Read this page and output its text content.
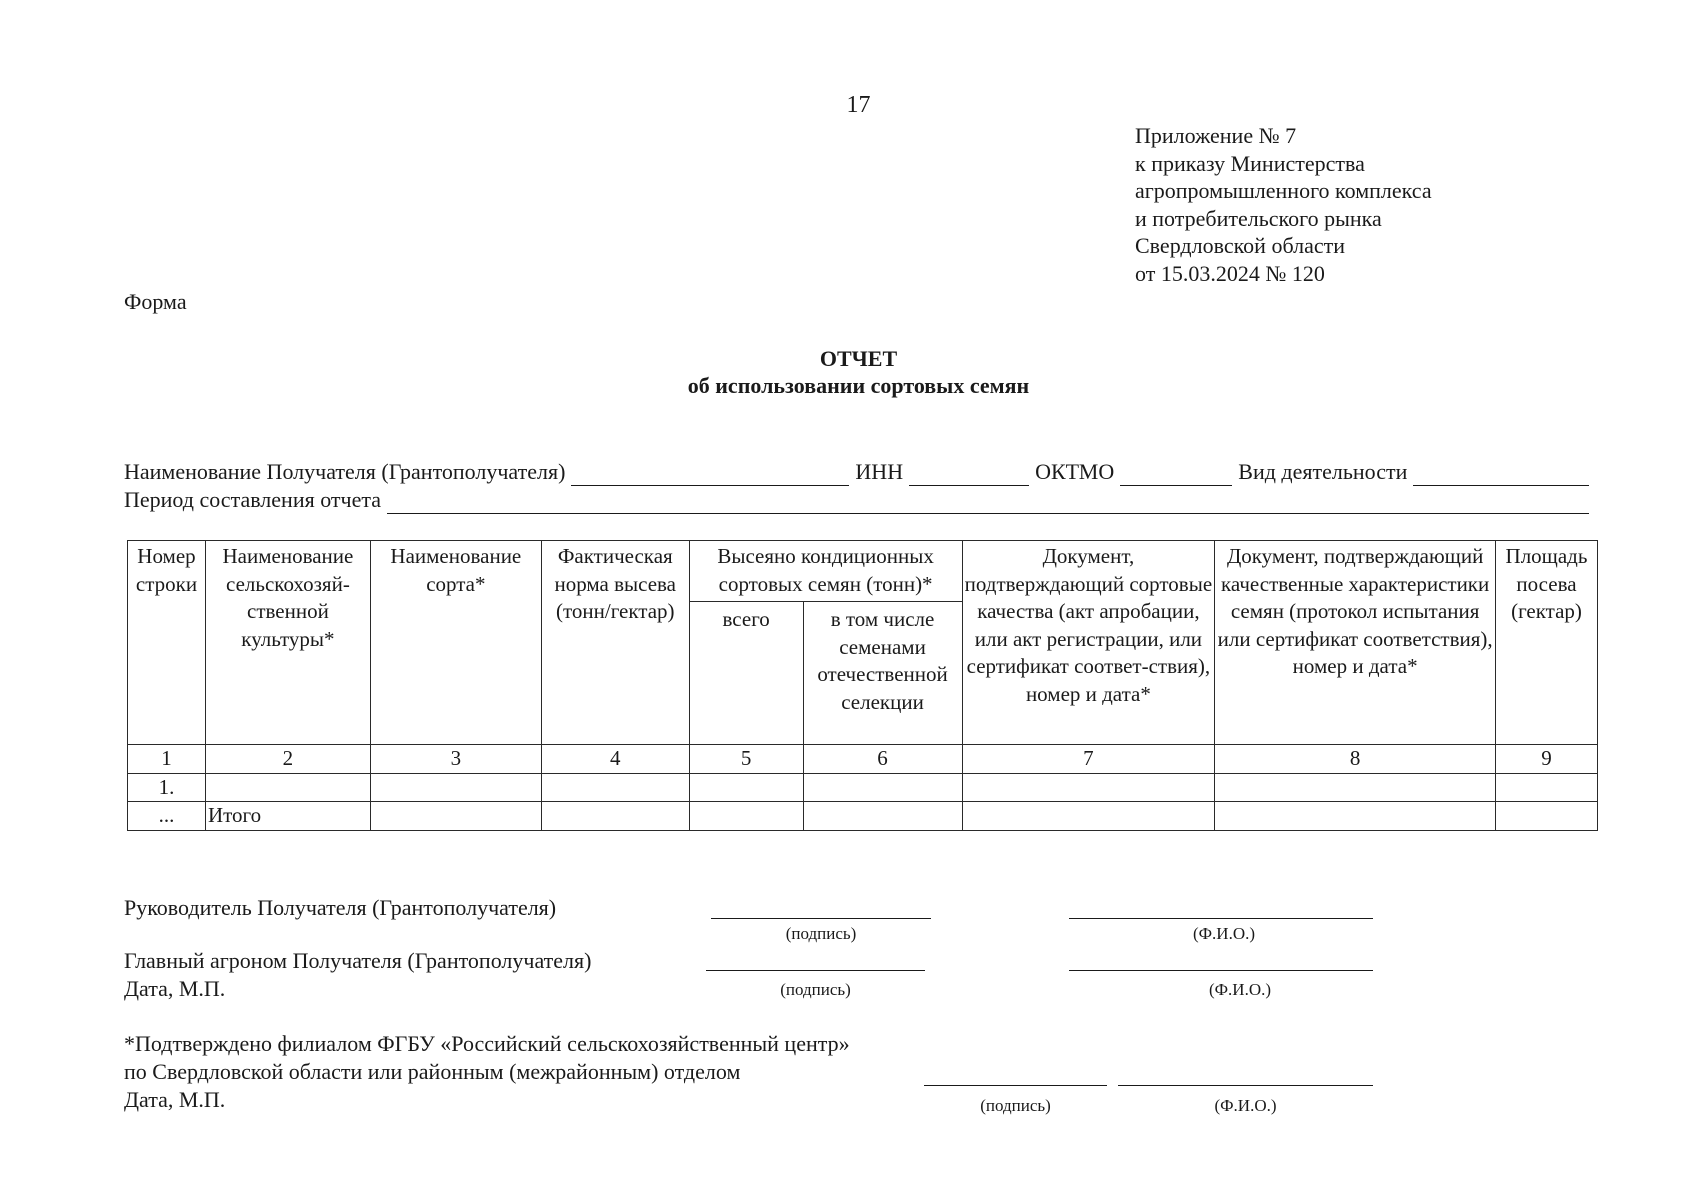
17
Приложение № 7
к приказу Министерства
агропромышленного комплекса
и потребительского рынка
Свердловской области
от 15.03.2024 № 120
Форма
ОТЧЕТ
об использовании сортовых семян
Наименование Получателя (Грантополучателя)	ИНН	ОКТМО	Вид деятельности
Период составления отчета
Номер строки	Наименование сельскохозяй-ственной культуры*	Наименование сорта*	Фактическая норма высева (тонн/гектар)	Высеяно кондиционных сортовых семян (тонн)*		Документ, подтверждающий сортовые качества (акт апробации, или акт регистрации, или сертификат соответ-ствия), номер и дата*	Документ, подтверждающий качественные характеристики семян (протокол испытания или сертификат соответствия), номер и дата*	Площадь посева (гектар)
				всего	в том числе семенами отечественной селекции			
1	2	3	4	5	6	7	8	9
1.								
...	Итого							
Руководитель Получателя (Грантополучателя)
(подпись)	(Ф.И.О.)
Главный агроном Получателя (Грантополучателя)
Дата, М.П.	(подпись)	(Ф.И.О.)
*Подтверждено филиалом ФГБУ «Российский сельскохозяйственный центр»
по Свердловской области или районным (межрайонным) отделом
Дата, М.П.	(подпись)	(Ф.И.О.)
